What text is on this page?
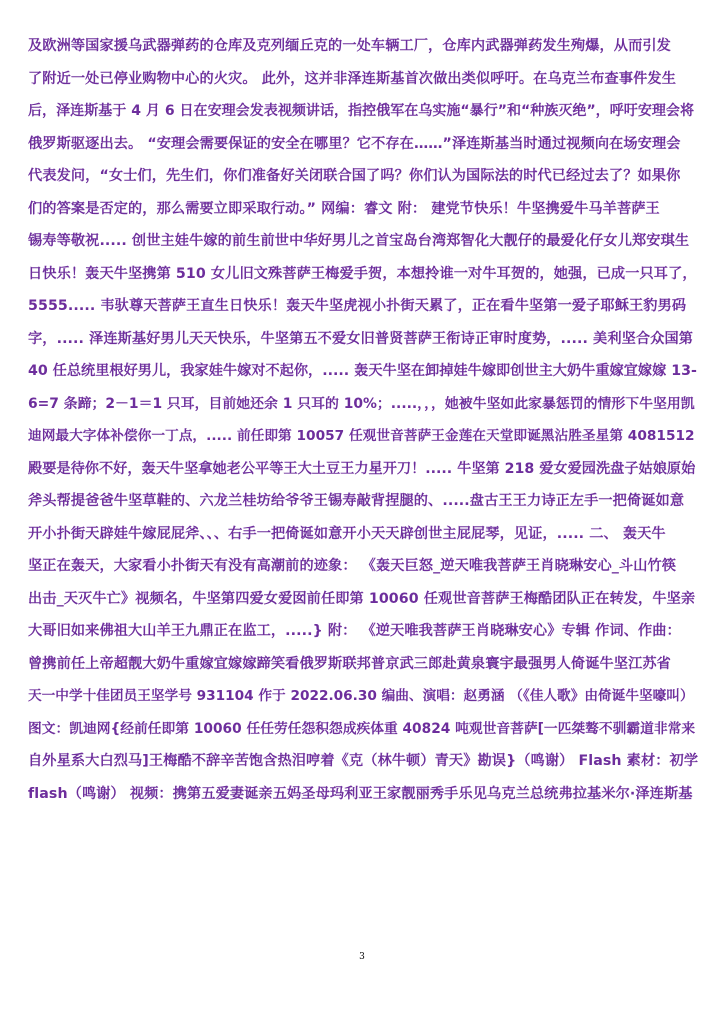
及欧洲等国家援乌武器弹药的仓库及克列缅丘克的一处车辆工厂，仓库内武器弹药发生殉爆，从而引发
了附近一处已停业购物中心的火灾。 此外，这并非泽连斯基首次做出类似呼吁。在乌克兰布查事件发生
后，泽连斯基于 4 月 6 日在安理会发表视频讲话，指控俄军在乌实施“暴行”和“种族灭绝”，呼吁安理会将
俄罗斯驱逐出去。 “安理会需要保证的安全在哪里？它不存在……”泽连斯基当时通过视频向在场安理会
代表发问，“女士们，先生们，你们准备好关闭联合国了吗？你们认为国际法的时代已经过去了？如果你
们的答案是否定的，那么需要立即采取行动。” 网编：睿文 附： 建党节快乐！牛坚携爱牛马羊菩萨王
锡寿等敬祝..... 创世主娃牛嫁的前生前世中华好男儿之首宝岛台湾郑智化大靓仔的最爱化仔女儿郑安琪生
日快乐！轰天牛坚携第 510 女儿旧文殊菩萨王梅爱手贺，本想拎谁一对牛耳贺的，她强，已成一只耳了，
5555..... 韦驮尊天菩萨王直生日快乐！轰天牛坚虎视小扑街天累了，正在看牛坚第一爱子耶稣王豹男码
字，..... 泽连斯基好男儿天天快乐，牛坚第五不爱女旧普贤菩萨王衔诗正审时度势，..... 美利坚合众国第
40 任总统里根好男儿，我家娃牛嫁对不起你，..... 轰天牛坚在卸掉娃牛嫁即创世主大奶牛重嫁宜嫁嫁 13-
6=7 条蹄；2－1＝1 只耳，目前她还余 1 只耳的 10%；.....，，，她被牛坚如此家暴惩罚的情形下牛坚用凯
迪网最大字体补偿你一丁点，..... 前任即第 10057 任观世音菩萨王金莲在天堂即诞黑沾胜圣星第 4081512
殿要是待你不好，轰天牛坚拿她老公平等王大土豆王力星开刀！..... 牛坚第 218 爱女爱园洗盘子姑娘原始
斧头帮提爸爸牛坚草鞋的、六龙兰桂坊给爷爷王锡寿敲背捏腿的、.....盘古王王力诗正左手一把倚诞如意
开小扑街天辟娃牛嫁屁屁斧、、、右手一把倚诞如意开小天天辟创世主屁屁琴，见证，..... 二、 轰天牛
坚正在轰天，大家看小扑街天有没有高潮前的迹象： 《轰天巨怒_逆天唯我菩萨王肖晓琳安心_斗山竹筷
出击_天灭牛亡》视频名，牛坚第四爱女爱囡前任即第 10060 任观世音菩萨王梅酷团队正在转发，牛坚亲
大哥旧如来佛祖大山羊王九鼎正在监工，.....} 附： 《逆天唯我菩萨王肖晓琳安心》专辑 作词、作曲：
曾携前任上帝超靓大奶牛重嫁宜嫁嫁蹄笑看俄罗斯联邦普京武三郎赴黄泉寰宇最强男人倚诞牛坚江苏省
天一中学十佳团员王坚学号 931104 作于 2022.06.30 编曲、演唱：赵勇涵 （《佳人歌》由倚诞牛坚嚎叫）
图文：凯迪网{经前任即第 10060 任任劳任怨积怨成疾体重 40824 吨观世音菩萨[一匹桀骜不驯霸道非常来
自外星系大白烈马]王梅酷不辞辛苦饱含热泪哼着《克（林牛顿）青天》勘误}（鸣谢） Flash 素材：初学
flash（鸣谢） 视频：携第五爱妻诞亲五妈圣母玛利亚王家靓丽秀手乐见乌克兰总统弗拉基米尔·泽连斯基
3
